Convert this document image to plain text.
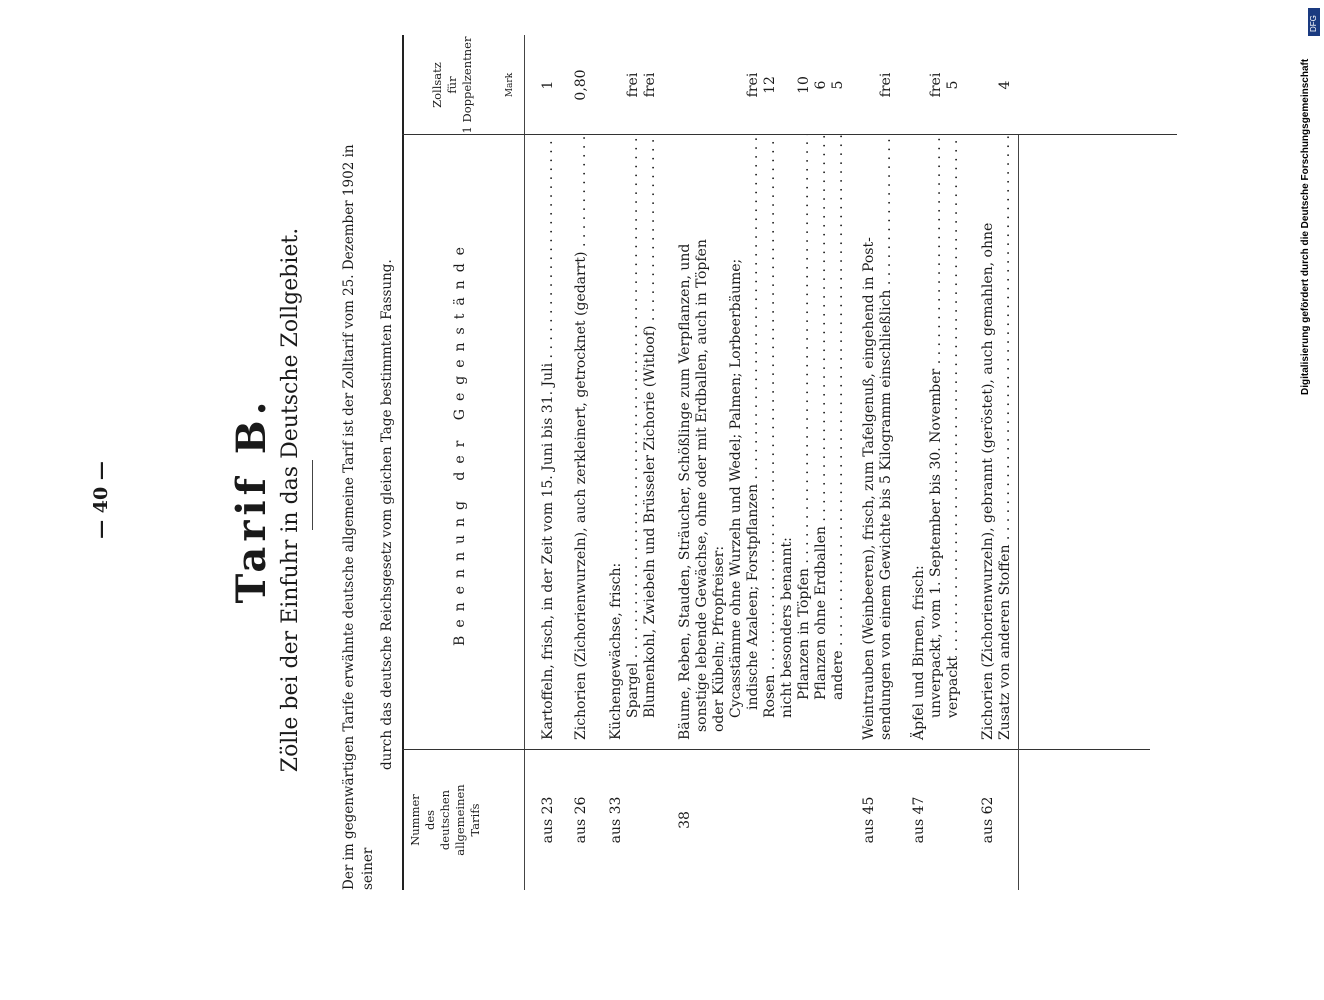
— 40 —	Tarif B. Zölle bei der Einfuhr in das Deutsche Zollgebiet.	Der im gegenwärtigen Tarife erwähnte deutsche allgemeine Tarif ist der Zolltarif vom 25. Dezember 1902 in seiner
durch das deutsche Reichsgesetz vom gleichen Tage bestimmten Fassung.
Nummer des deutschen allgemeinen Tarifs
Benennung der Gegenstände
Zollsatz für 1 Doppelzentner	Mark
aus 23
Kartoffeln, frisch, in der Zeit vom 15. Juni bis 31. Juli . . .
1
aus 26
Zichorien (Zichorienwurzeln), auch zerkleinert, getrocknet (gedarrt) . . .
0,80
aus 33
Küchengewächse, frisch: Spargel . . .
frei
Blumenkohl, Zwiebeln und Brüsseler Zichorie (Witloof) . . .
frei
38
Bäume, Reben, Stauden, Sträucher, Schößlinge zum Verpflanzen, und sonstige lebende Gewächse, ohne oder mit Erdballen, auch in Töpfen oder Kübeln; Pfropfreiser: Cycasstämme ohne Wurzeln und Wedel; Palmen; Lorbeerbäume; indische Azaleen; Forstpflanzen . . .
frei
Rosen . . .
12
nicht besonders benannt: Pflanzen in Töpfen . . .
10
Pflanzen ohne Erdballen . . .
6
andere . . .
5
aus 45
Weintrauben (Weinbeeren), frisch, zum Tafelgenuß, eingehend in Post- sendungen von einem Gewichte bis 5 Kilogramm einschließlich . . .
frei
aus 47
Äpfel und Birnen, frisch: unverpackt, vom 1. September bis 30. November . . .
frei
verpackt . . .
5
aus 62
Zichorien (Zichorienwurzeln), gebrannt (geröstet), auch gemahlen, ohne Zusatz von anderen Stoffen . . .
4	Digitalisierung gefördert durch die Deutsche Forschungsgemeinschaft
DFG
